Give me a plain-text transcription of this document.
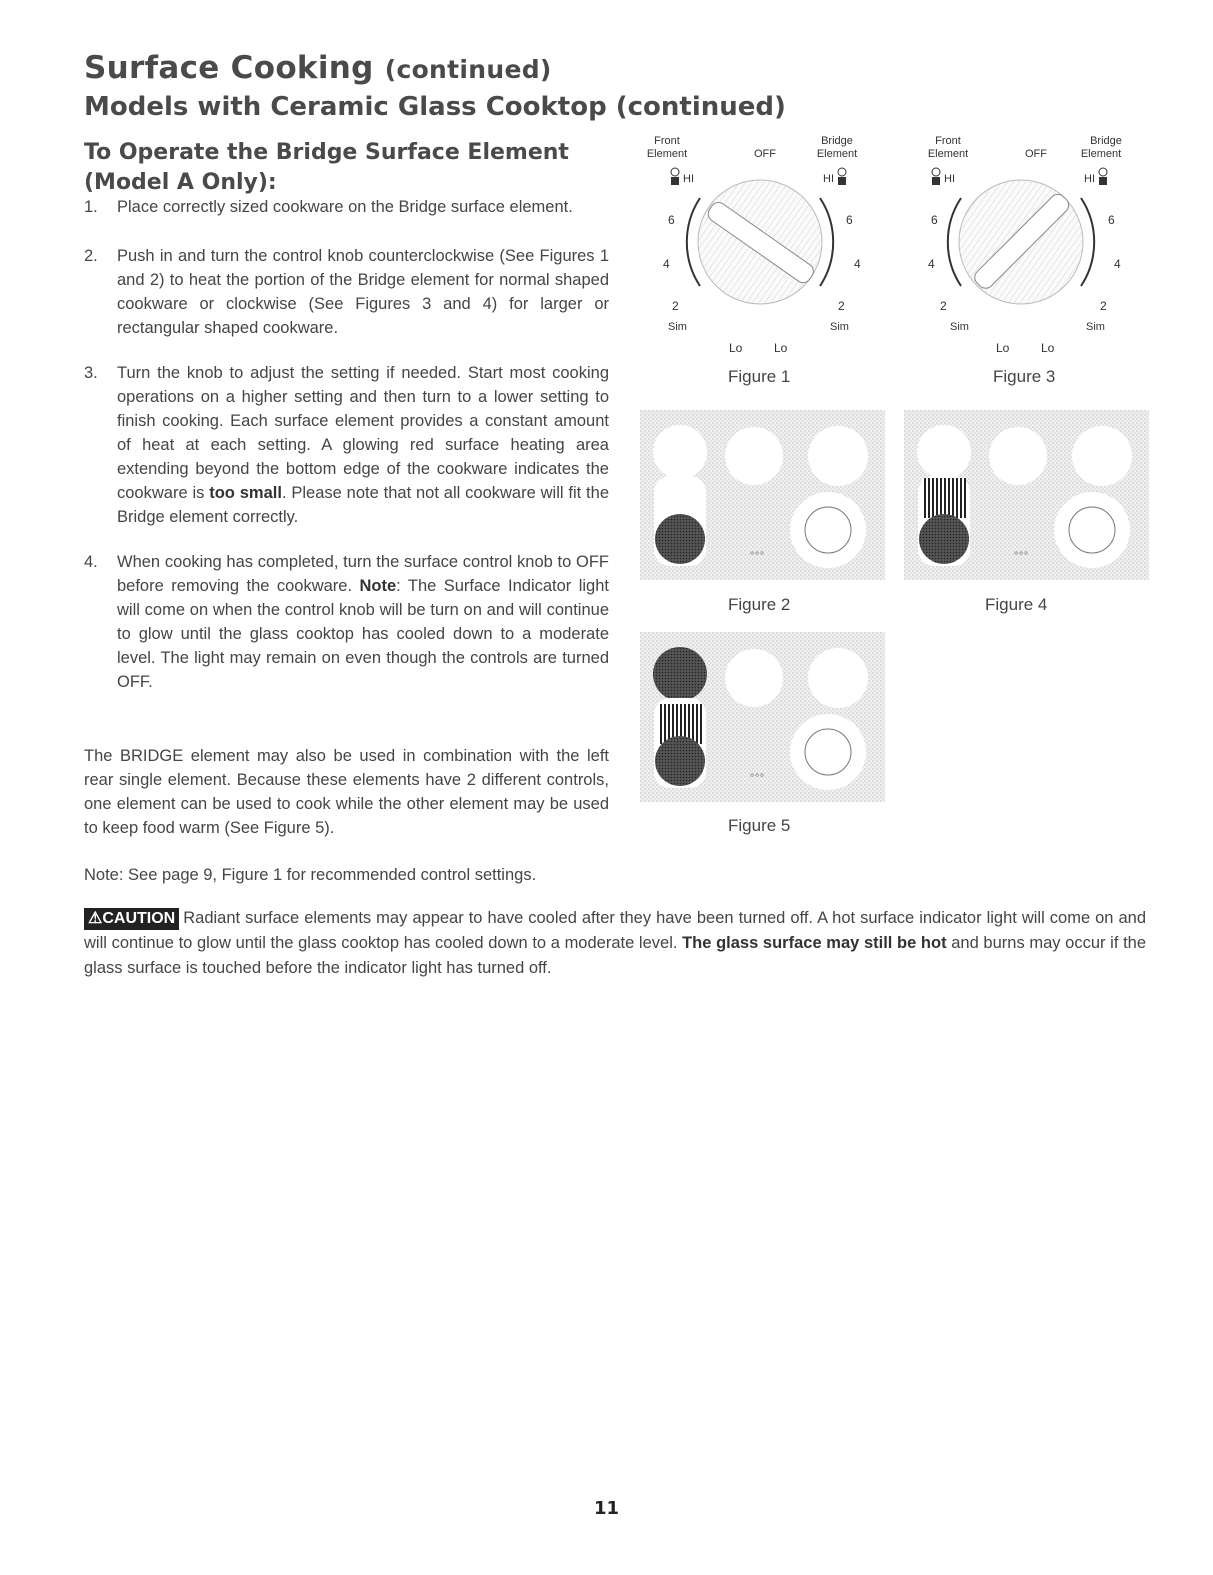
Surface Cooking (continued)
Models with Ceramic Glass Cooktop (continued)
To Operate the Bridge Surface Element
(Model A Only):
1. Place correctly sized cookware on the Bridge surface element.
2. Push in and turn the control knob counterclockwise (See Figures 1 and 2) to heat the portion of the Bridge element for normal shaped cookware or clockwise (See Figures 3 and 4) for larger or rectangular shaped cookware.
3. Turn the knob to adjust the setting if needed. Start most cooking operations on a higher setting and then turn to a lower setting to finish cooking. Each surface element provides a constant amount of heat at each setting. A glowing red surface heating area extending beyond the bottom edge of the cookware indicates the cookware is too small. Please note that not all cookware will fit the Bridge element correctly.
4. When cooking has completed, turn the surface control knob to OFF before removing the cookware. Note: The Surface Indicator light will come on when the control knob will be turn on and will continue to glow until the glass cooktop has cooled down to a moderate level. The light may remain on even though the controls are turned OFF.

The BRIDGE element may also be used in combination with the left rear single element. Because these elements have 2 different controls, one element can be used to cook while the other element may be used to keep food warm (See Figure 5).

Note: See page 9, Figure 1 for recommended control settings.

⚠CAUTION Radiant surface elements may appear to have cooled after they have been turned off. A hot surface indicator light will come on and will continue to glow until the glass cooktop has cooled down to a moderate level. The glass surface may still be hot and burns may occur if the glass surface is touched before the indicator light has turned off.

Front
Element	OFF
Bridge
Element
HI	HI
6	6
4	4
2	2
Sim	Sim
Lo	Lo
Figure 1
Front
Element	OFF
Bridge
Element
HI	HI
6	6
4	4
2	2
Sim	Sim
Lo	Lo
Figure 3
°°°
Figure 2
°°°
Figure 4
°°°
Figure 5
11
